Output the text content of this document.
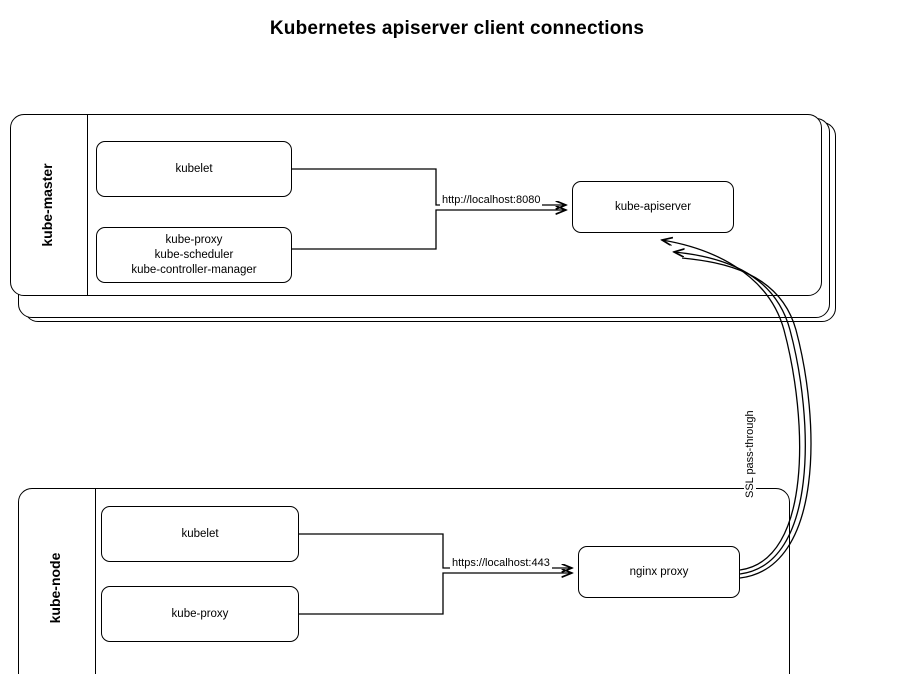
Kubernetes apiserver client connections
kube-master	kubelet
kube-proxy
kube-scheduler
kube-controller-manager
kube-apiserver
kube-node
kubelet
kube-proxy
nginx proxy
http://localhost:8080
https://localhost:443
SSL pass-through
